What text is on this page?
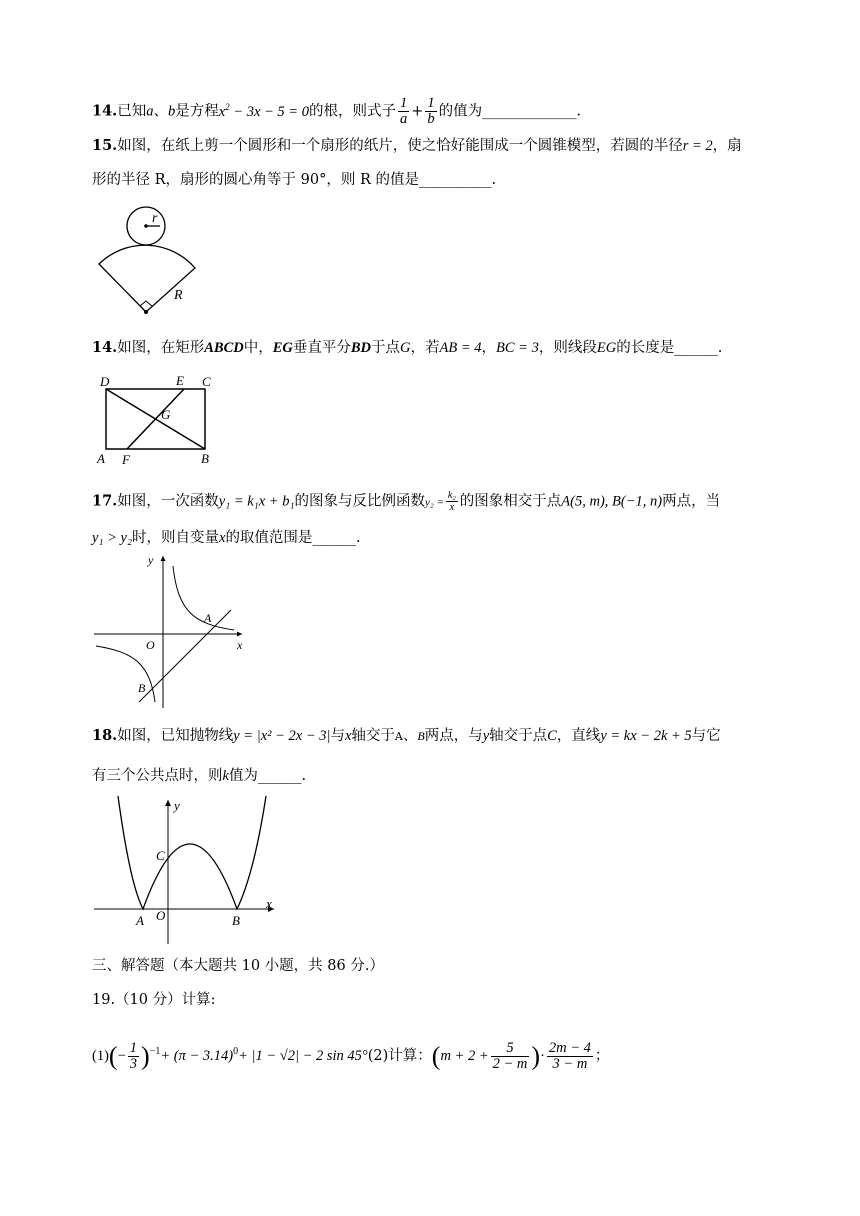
14.已知a、b是方程$x^2 - 3x - 5 = 0$的根，则式子 $\frac{1}{a} + \frac{1}{b}$ 的值为_____________.
15.如图，在纸上剪一个圆形和一个扇形的纸片，使之恰好能围成一个圆锥模型，若圆的半径r = 2，扇
形的半径 R，扇形的圆心角等于 90°，则 R 的值是__________.
r
R
14.如图，在矩形ABCD中，EG垂直平分BD于点G，若AB = 4，BC = 3，则线段EG的长度是______.
D	E C
G
A F	B
17.如图，一次函数y₁ = k₁x + b₁的图象与反比例函数$y_2 = \frac{\text{k₂}}{x}$ 的图象相交于点A(5, m), B(−1, n)两点，当
y₁ > y₂时，则自变量x的取值范围是______.
y
x
O
A
B
18.如图，已知抛物线y = |x² − 2x − 3|与x轴交于A、B两点，与y轴交于点C，直线y = kx − 2k + 5与它
有三个公共点时，则k值为______.
y
x
O
A	B
C
三、解答题（本大题共 10 小题，共 86 分.）
19.（10 分）计算:
$(1)(- \frac{1}{3} )^{-1}+ (\pi - 3.14)^0+ |1 - √2| - 2$ sin 45°(2)计算：($m + 2 + \frac{5}{2 - m}$ )· $\frac{2m - 4}{3 - m}$ ；
